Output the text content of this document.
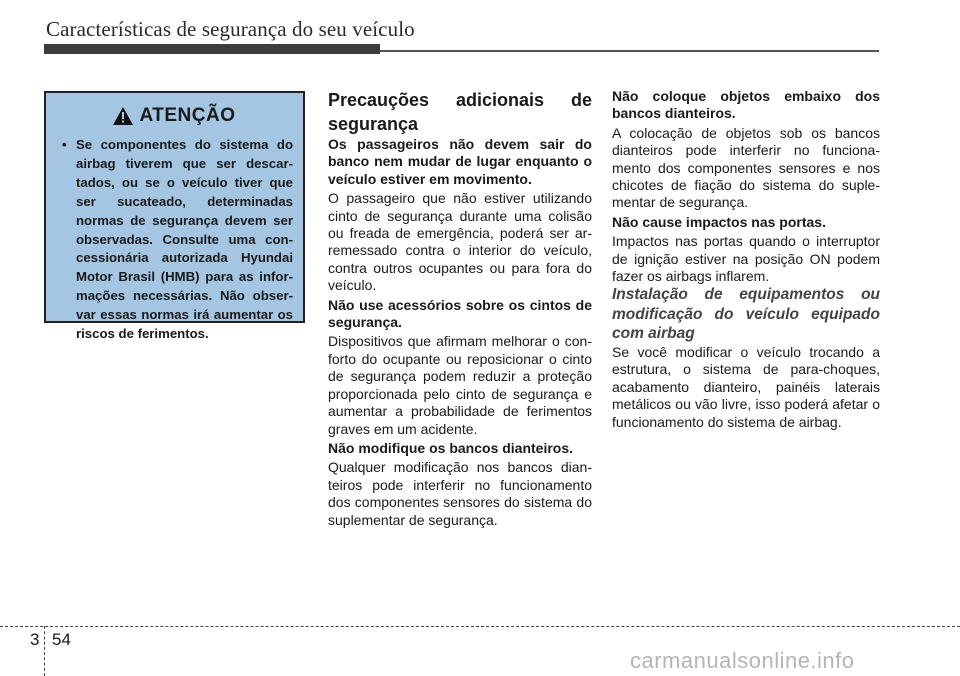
Características de segurança do seu veículo
ATENÇÃO
• Se componentes do sistema do airbag tiverem que ser descar-tados, ou se o veículo tiver que ser sucateado, determinadas normas de segurança devem ser observadas. Consulte uma con-cessionária autorizada Hyundai Motor Brasil (HMB) para as infor-mações necessárias. Não obser-var essas normas irá aumentar os riscos de ferimentos.

Precauções adicionais de segurança

Os passageiros não devem sair do banco nem mudar de lugar enquanto o veículo estiver em movimento.

O passageiro que não estiver utilizando cinto de segurança durante uma colisão ou freada de emergência, poderá ser ar-remessado contra o interior do veículo, contra outros ocupantes ou para fora do veículo.

Não use acessórios sobre os cintos de segurança.

Dispositivos que afirmam melhorar o con-forto do ocupante ou reposicionar o cinto de segurança podem reduzir a proteção proporcionada pelo cinto de segurança e aumentar a probabilidade de ferimentos graves em um acidente.

Não modifique os bancos dianteiros.

Qualquer modificação nos bancos dian-teiros pode interferir no funcionamento dos componentes sensores do sistema do suplementar de segurança.

Não coloque objetos embaixo dos bancos dianteiros.

A colocação de objetos sob os bancos dianteiros pode interferir no funciona-mento dos componentes sensores e nos chicotes de fiação do sistema do suple-mentar de segurança.

Não cause impactos nas portas.

Impactos nas portas quando o interruptor de ignição estiver na posição ON podem fazer os airbags inflarem.

Instalação de equipamentos ou modificação do veículo equipado com airbag

Se você modificar o veículo trocando a estrutura, o sistema de para-choques, acabamento dianteiro, painéis laterais metálicos ou vão livre, isso poderá afetar o funcionamento do sistema de airbag.

3 54
carmanualsonline.info
